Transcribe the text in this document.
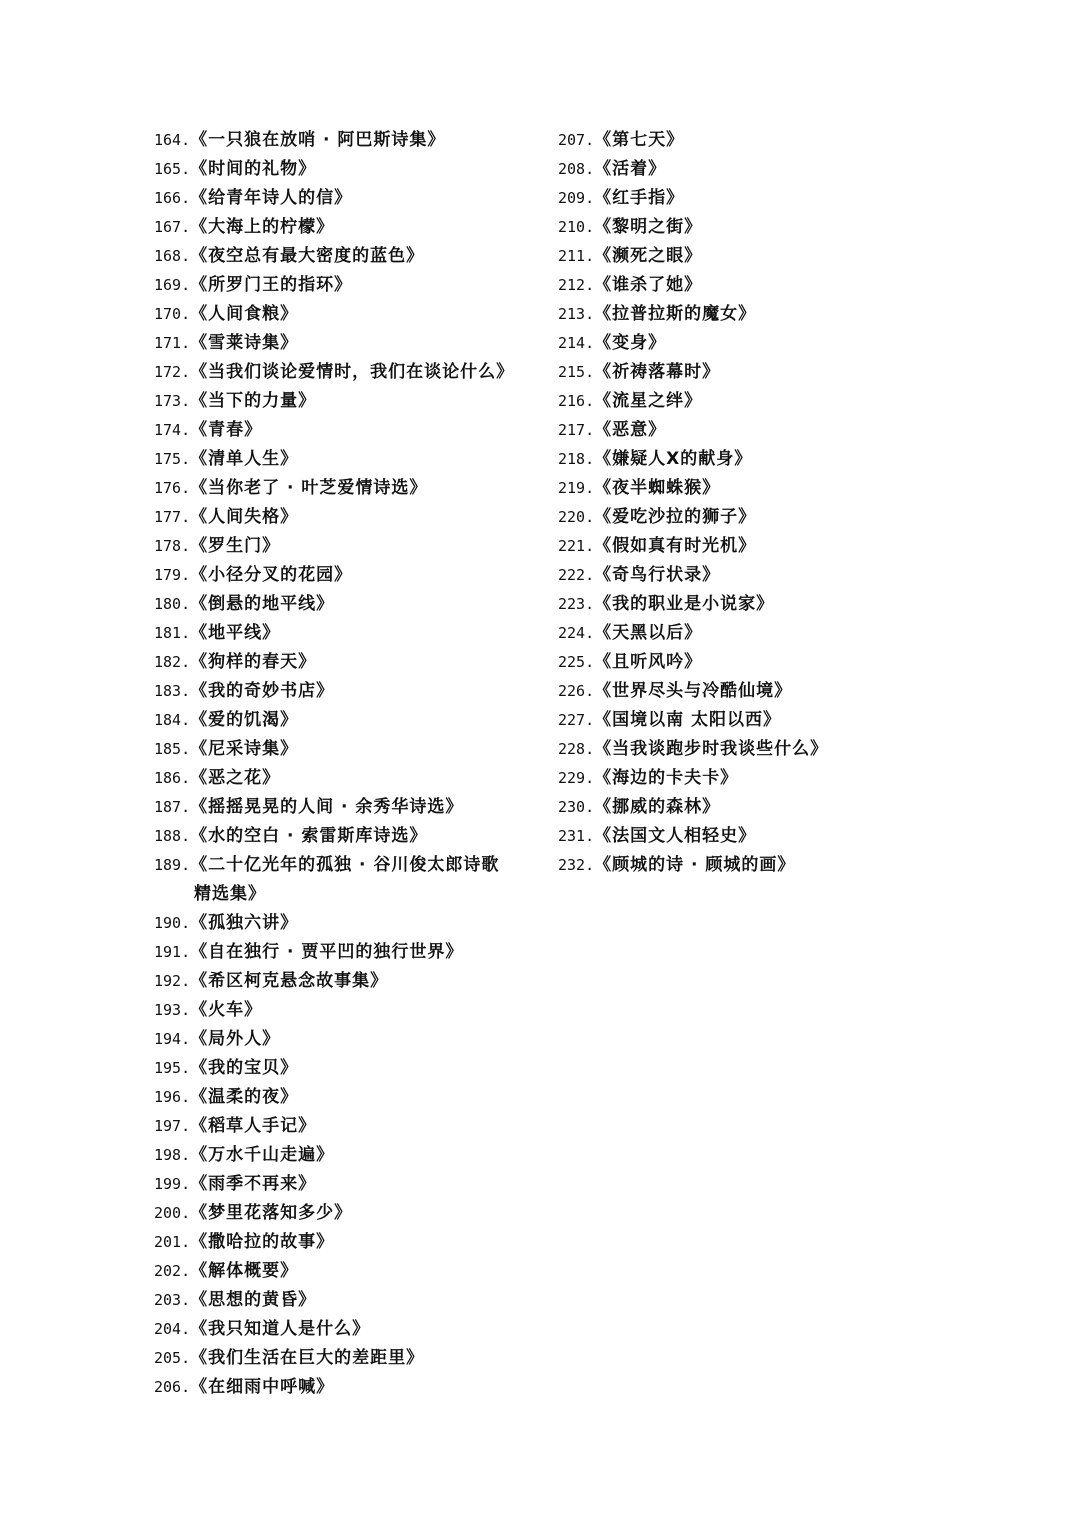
164. 《一只狼在放哨 · 阿巴斯诗集》
165. 《时间的礼物》
166. 《给青年诗人的信》
167. 《大海上的柠檬》
168. 《夜空总有最大密度的蓝色》
169. 《所罗门王的指环》
170. 《人间食粮》
171. 《雪莱诗集》
172. 《当我们谈论爱情时，我们在谈论什么》
173. 《当下的力量》
174. 《青春》
175. 《清单人生》
176. 《当你老了 · 叶芝爱情诗选》
177. 《人间失格》
178. 《罗生门》
179. 《小径分叉的花园》
180. 《倒悬的地平线》
181. 《地平线》
182. 《狗样的春天》
183. 《我的奇妙书店》
184. 《爱的饥渴》
185. 《尼采诗集》
186. 《恶之花》
187. 《摇摇晃晃的人间 · 余秀华诗选》
188. 《水的空白 · 索雷斯库诗选》
189. 《二十亿光年的孤独 · 谷川俊太郎诗歌
精选集》
190. 《孤独六讲》
191. 《自在独行 · 贾平凹的独行世界》
192. 《希区柯克悬念故事集》
193. 《火车》
194. 《局外人》
195. 《我的宝贝》
196. 《温柔的夜》
197. 《稻草人手记》
198. 《万水千山走遍》
199. 《雨季不再来》
200. 《梦里花落知多少》
201. 《撒哈拉的故事》
202. 《解体概要》
203. 《思想的黄昏》
204. 《我只知道人是什么》
205. 《我们生活在巨大的差距里》
206. 《在细雨中呼喊》
207. 《第七天》
208. 《活着》
209. 《红手指》
210. 《黎明之街》
211. 《濒死之眼》
212. 《谁杀了她》
213. 《拉普拉斯的魔女》
214. 《变身》
215. 《祈祷落幕时》
216. 《流星之绊》
217. 《恶意》
218. 《嫌疑人X的献身》
219. 《夜半蜘蛛猴》
220. 《爱吃沙拉的狮子》
221. 《假如真有时光机》
222. 《奇鸟行状录》
223. 《我的职业是小说家》
224. 《天黑以后》
225. 《且听风吟》
226. 《世界尽头与冷酷仙境》
227. 《国境以南 太阳以西》
228. 《当我谈跑步时我谈些什么》
229. 《海边的卡夫卡》
230. 《挪威的森林》
231. 《法国文人相轻史》
232. 《顾城的诗 · 顾城的画》
